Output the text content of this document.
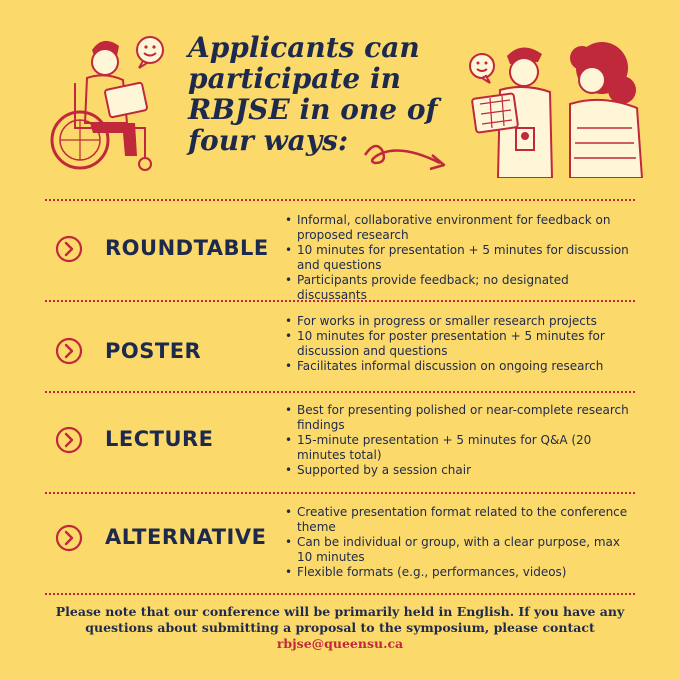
Applicants can
participate in
RBJSE in one of
four ways:
ROUNDTABLE
• Informal, collaborative environment for feedback on proposed research
• 10 minutes for presentation + 5 minutes for discussion and questions
• Participants provide feedback; no designated discussants
POSTER
• For works in progress or smaller research projects
• 10 minutes for poster presentation + 5 minutes for discussion and questions
• Facilitates informal discussion on ongoing research
LECTURE
• Best for presenting polished or near-complete research findings
• 15-minute presentation + 5 minutes for Q&A (20 minutes total)
• Supported by a session chair
ALTERNATIVE
• Creative presentation format related to the conference theme
• Can be individual or group, with a clear purpose, max 10 minutes
• Flexible formats (e.g., performances, videos)
Please note that our conference will be primarily held in English. If you have any questions about submitting a proposal to the symposium, please contact
rbjse@queensu.ca
